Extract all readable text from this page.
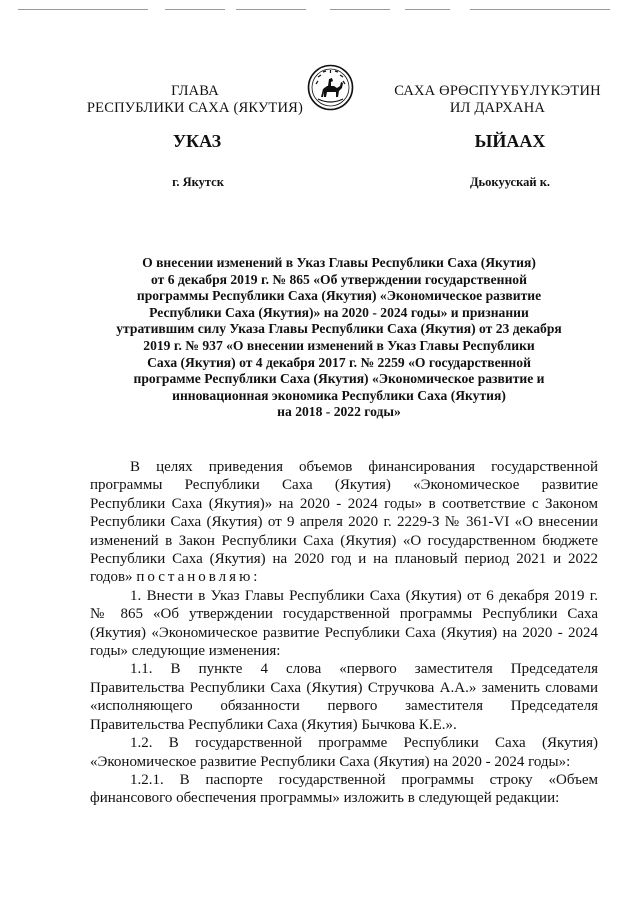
ГЛАВА
РЕСПУБЛИКИ САХА (ЯКУТИЯ)
САХА ӨРӨСПҮҮБҮЛҮКЭТИН
ИЛ ДАРХАНА
УКАЗ	ЫЙААХ
г. Якутск	Дьокуускай к.
О внесении изменений в Указ Главы Республики Саха (Якутия)
от 6 декабря 2019 г. № 865 «Об утверждении государственной
программы Республики Саха (Якутия) «Экономическое развитие
Республики Саха (Якутия)» на 2020 - 2024 годы» и признании
утратившим силу Указа Главы Республики Саха (Якутия) от 23 декабря
2019 г. № 937 «О внесении изменений в Указ Главы Республики
Саха (Якутия) от 4 декабря 2017 г. № 2259 «О государственной
программе Республики Саха (Якутия) «Экономическое развитие и
инновационная экономика Республики Саха (Якутия)
на 2018 - 2022 годы»
В целях приведения объемов финансирования государственной
программы Республики Саха (Якутия) «Экономическое развитие
Республики Саха (Якутия)» на 2020 - 2024 годы» в соответствие с Законом
Республики Саха (Якутия) от 9 апреля 2020 г. 2229-З № 361-VI «О внесении
изменений в Закон Республики Саха (Якутия) «О государственном бюджете
Республики Саха (Якутия) на 2020 год и на плановый период 2021 и 2022
годов» постановляю:
1. Внести в Указ Главы Республики Саха (Якутия) от 6 декабря 2019 г.
№ 865 «Об утверждении государственной программы Республики Саха
(Якутия) «Экономическое развитие Республики Саха (Якутия) на 2020 - 2024
годы» следующие изменения:
1.1. В пункте 4 слова «первого заместителя Председателя
Правительства Республики Саха (Якутия) Стручкова А.А.» заменить словами
«исполняющего обязанности первого заместителя Председателя
Правительства Республики Саха (Якутия) Бычкова К.Е.».
1.2. В государственной программе Республики Саха (Якутия)
«Экономическое развитие Республики Саха (Якутия) на 2020 - 2024 годы»:
1.2.1. В паспорте государственной программы строку «Объем
финансового обеспечения программы» изложить в следующей редакции:
